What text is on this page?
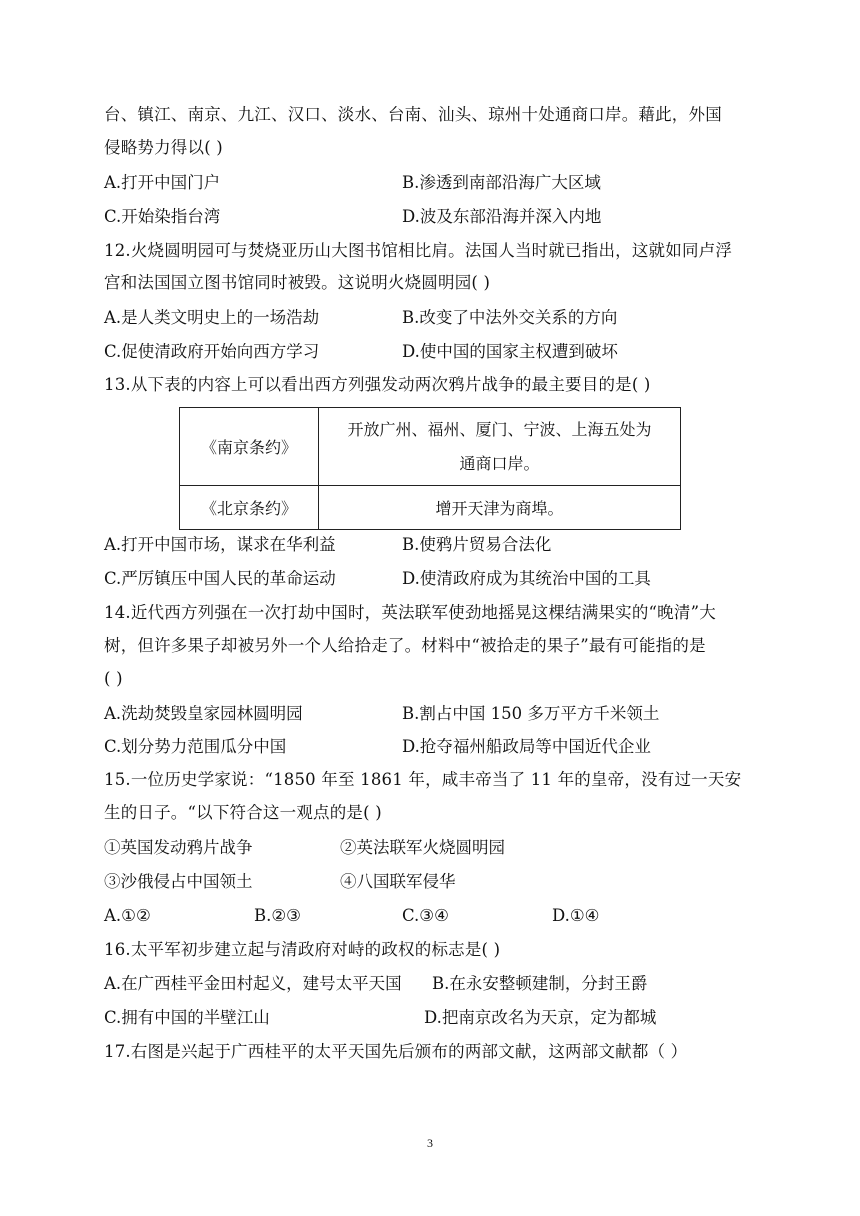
台、镇江、南京、九江、汉口、淡水、台南、汕头、琼州十处通商口岸。藉此，外国
侵略势力得以( )
A.打开中国门户	B.渗透到南部沿海广大区域
C.开始染指台湾	D.波及东部沿海并深入内地
12.火烧圆明园可与焚烧亚历山大图书馆相比肩。法国人当时就已指出，这就如同卢浮
宫和法国国立图书馆同时被毁。这说明火烧圆明园( )
A.是人类文明史上的一场浩劫	B.改变了中法外交关系的方向
C.促使清政府开始向西方学习	D.使中国的国家主权遭到破坏
13.从下表的内容上可以看出西方列强发动两次鸦片战争的最主要目的是( )
《南京条约》	开放广州、福州、厦门、宁波、上海五处为
通商口岸。

《北京条约》	增开天津为商埠。
A.打开中国市场，谋求在华利益	B.使鸦片贸易合法化
C.严厉镇压中国人民的革命运动	D.使清政府成为其统治中国的工具
14.近代西方列强在一次打劫中国时，英法联军使劲地摇晃这棵结满果实的“晚清”大
树，但许多果子却被另外一个人给拾走了。材料中“被拾走的果子”最有可能指的是
( )
A.洗劫焚毁皇家园林圆明园	B.割占中国 150 多万平方千米领土
C.划分势力范围瓜分中国	D.抢夺福州船政局等中国近代企业
15.一位历史学家说：“1850 年至 1861 年，咸丰帝当了 11 年的皇帝，没有过一天安
生的日子。“以下符合这一观点的是( )
①英国发动鸦片战争	②英法联军火烧圆明园
③沙俄侵占中国领土	④八国联军侵华
A.①②	B.②③	C.③④	D.①④
16.太平军初步建立起与清政府对峙的政权的标志是( )
A.在广西桂平金田村起义，建号太平天国 B.在永安整顿建制，分封王爵
C.拥有中国的半壁江山	D.把南京改名为天京，定为都城
17.右图是兴起于广西桂平的太平天国先后颁布的两部文献，这两部文献都（ ）
3
